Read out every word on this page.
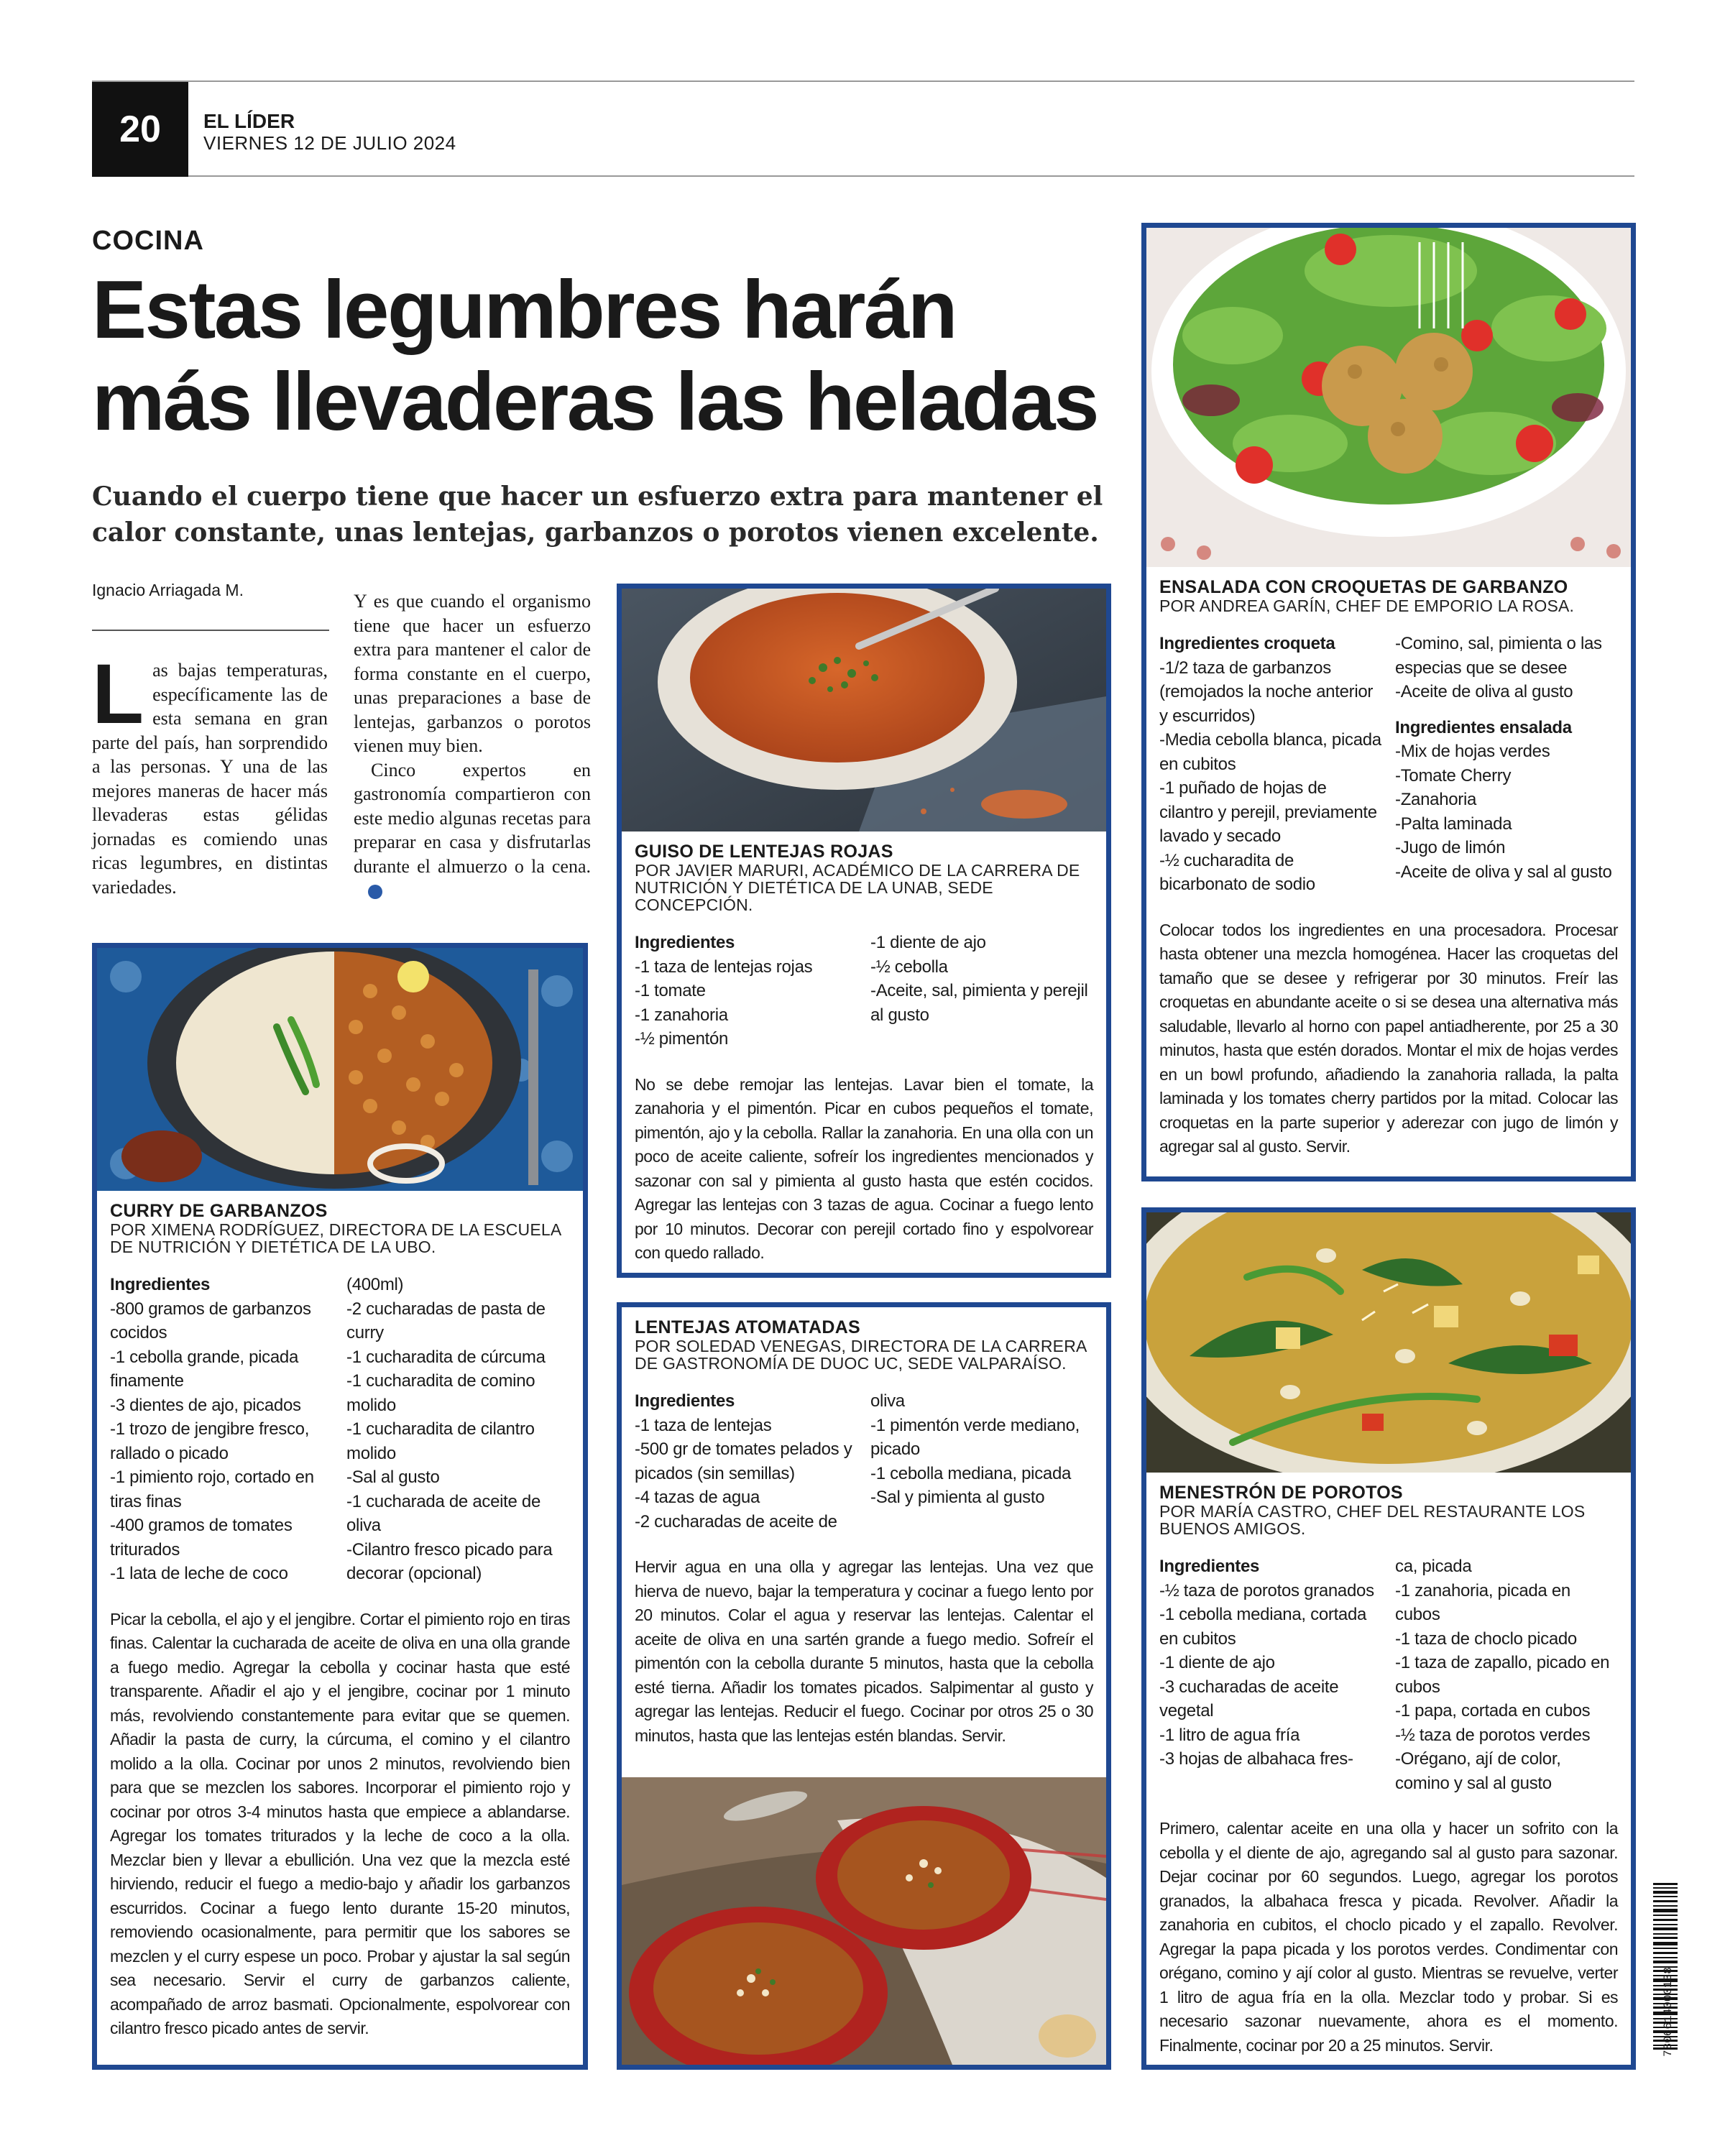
20	EL LÍDER
VIERNES 12 DE JULIO 2024
COCINA
Estas legumbres harán
más llevaderas las heladas

Cuando el cuerpo tiene que hacer un esfuerzo extra para mantener el calor constante, unas lentejas, garbanzos o porotos vienen excelente.

Ignacio Arriagada M.

Las bajas temperaturas, específicamente las de esta semana en gran parte del país, han sorprendido a las personas. Y una de las mejores maneras de hacer más llevaderas estas gélidas jornadas es comiendo unas ricas legumbres, en distintas variedades.

Y es que cuando el organismo tiene que hacer un esfuerzo extra para mantener el calor de forma constante en el cuerpo, unas preparaciones a base de lentejas, garbanzos o porotos vienen muy bien.

Cinco expertos en gastronomía compartieron con este medio algunas recetas para preparar en casa y disfrutarlas durante el almuerzo o la cena.✪

GUISO DE LENTEJAS ROJAS
POR JAVIER MARURI, ACADÉMICO DE LA CARRERA DE NUTRICIÓN Y DIETÉTICA DE LA UNAB, SEDE CONCEPCIÓN.
Ingredientes
-1 taza de lentejas rojas
-1 tomate
-1 zanahoria
-½ pimentón
-1 diente de ajo
-½ cebolla
-Aceite, sal, pimienta y perejil al gusto

No se debe remojar las lentejas. Lavar bien el tomate, la zanahoria y el pimentón. Picar en cubos pequeños el tomate, pimentón, ajo y la cebolla. Rallar la zanahoria. En una olla con un poco de aceite caliente, sofreír los ingredientes mencionados y sazonar con sal y pimienta al gusto hasta que estén cocidos. Agregar las lentejas con 3 tazas de agua. Cocinar a fuego lento por 10 minutos. Decorar con perejil cortado fino y espolvorear con quedo rallado.

CURRY DE GARBANZOS
POR XIMENA RODRÍGUEZ, DIRECTORA DE LA ESCUELA DE NUTRICIÓN Y DIETÉTICA DE LA UBO.
Ingredientes
-800 gramos de garbanzos cocidos
-1 cebolla grande, picada finamente
-3 dientes de ajo, picados
-1 trozo de jengibre fresco, rallado o picado
-1 pimiento rojo, cortado en tiras finas
-400 gramos de tomates triturados
-1 lata de leche de coco
(400ml)
-2 cucharadas de pasta de curry
-1 cucharadita de cúrcuma
-1 cucharadita de comino molido
-1 cucharadita de cilantro molido
-Sal al gusto
-1 cucharada de aceite de oliva
-Cilantro fresco picado para decorar (opcional)

Picar la cebolla, el ajo y el jengibre. Cortar el pimiento rojo en tiras finas. Calentar la cucharada de aceite de oliva en una olla grande a fuego medio. Agregar la cebolla y cocinar hasta que esté transparente. Añadir el ajo y el jengibre, cocinar por 1 minuto más, revolviendo constantemente para evitar que se quemen. Añadir la pasta de curry, la cúrcuma, el comino y el cilantro molido a la olla. Cocinar por unos 2 minutos, revolviendo bien para que se mezclen los sabores. Incorporar el pimiento rojo y cocinar por otros 3-4 minutos hasta que empiece a ablandarse. Agregar los tomates triturados y la leche de coco a la olla. Mezclar bien y llevar a ebullición. Una vez que la mezcla esté hirviendo, reducir el fuego a medio-bajo y añadir los garbanzos escurridos. Cocinar a fuego lento durante 15-20 minutos, removiendo ocasionalmente, para permitir que los sabores se mezclen y el curry espese un poco. Probar y ajustar la sal según sea necesario. Servir el curry de garbanzos caliente, acompañado de arroz basmati. Opcionalmente, espolvorear con cilantro fresco picado antes de servir.

LENTEJAS ATOMATADAS
POR SOLEDAD VENEGAS, DIRECTORA DE LA CARRERA DE GASTRONOMÍA DE DUOC UC, SEDE VALPARAÍSO.
Ingredientes
-1 taza de lentejas
-500 gr de tomates pelados y picados (sin semillas)
-4 tazas de agua
-2 cucharadas de aceite de
oliva
-1 pimentón verde mediano, picado
-1 cebolla mediana, picada
-Sal y pimienta al gusto

Hervir agua en una olla y agregar las lentejas. Una vez que hierva de nuevo, bajar la temperatura y cocinar a fuego lento por 20 minutos. Colar el agua y reservar las lentejas. Calentar el aceite de oliva en una sartén grande a fuego medio. Sofreír el pimentón con la cebolla durante 5 minutos, hasta que la cebolla esté tierna. Añadir los tomates picados. Salpimentar al gusto y agregar las lentejas. Reducir el fuego. Cocinar por otros 25 o 30 minutos, hasta que las lentejas estén blandas. Servir.

ENSALADA CON CROQUETAS DE GARBANZO
POR ANDREA GARÍN, CHEF DE EMPORIO LA ROSA.
Ingredientes croqueta
-1/2 taza de garbanzos (remojados la noche anterior y escurridos)
-Media cebolla blanca, picada en cubitos
-1 puñado de hojas de cilantro y perejil, previamente lavado y secado
-½ cucharadita de bicarbonato de sodio
-Comino, sal, pimienta o las especias que se desee
-Aceite de oliva al gusto
Ingredientes ensalada
-Mix de hojas verdes
-Tomate Cherry
-Zanahoria
-Palta laminada
-Jugo de limón
-Aceite de oliva y sal al gusto

Colocar todos los ingredientes en una procesadora. Procesar hasta obtener una mezcla homogénea. Hacer las croquetas del tamaño que se desee y refrigerar por 30 minutos. Freír las croquetas en abundante aceite o si se desea una alternativa más saludable, llevarlo al horno con papel antiadherente, por 25 a 30 minutos, hasta que estén dorados. Montar el mix de hojas verdes en un bowl profundo, añadiendo la zanahoria rallada, la palta laminada y los tomates cherry partidos por la mitad. Colocar las croquetas en la parte superior y aderezar con jugo de limón y agregar sal al gusto. Servir.

MENESTRÓN DE POROTOS
POR MARÍA CASTRO, CHEF DEL RESTAURANTE LOS BUENOS AMIGOS.
Ingredientes
-½ taza de porotos granados
-1 cebolla mediana, cortada en cubitos
-1 diente de ajo
-3 cucharadas de aceite vegetal
-1 litro de agua fría
-3 hojas de albahaca fres-
ca, picada
-1 zanahoria, picada en cubos
-1 taza de choclo picado
-1 taza de zapallo, picado en cubos
-1 papa, cortada en cubos
-½ taza de porotos verdes
-Orégano, ají de color, comino y sal al gusto

Primero, calentar aceite en una olla y hacer un sofrito con la cebolla y el diente de ajo, agregando sal al gusto para sazonar. Dejar cocinar por 60 segundos. Luego, agregar los porotos granados, la albahaca fresca y picada. Revolver. Añadir la zanahoria en cubitos, el choclo picado y el zapallo. Revolver. Agregar la papa picada y los porotos verdes. Condimentar con orégano, comino y ají color al gusto. Mientras se revuelve, verter 1 litro de agua fría en la olla. Mezclar todo y probar. Si es necesario sazonar nuevamente, ahora es el momento. Finalmente, cocinar por 20 a 25 minutos. Servir.	7806614000138
